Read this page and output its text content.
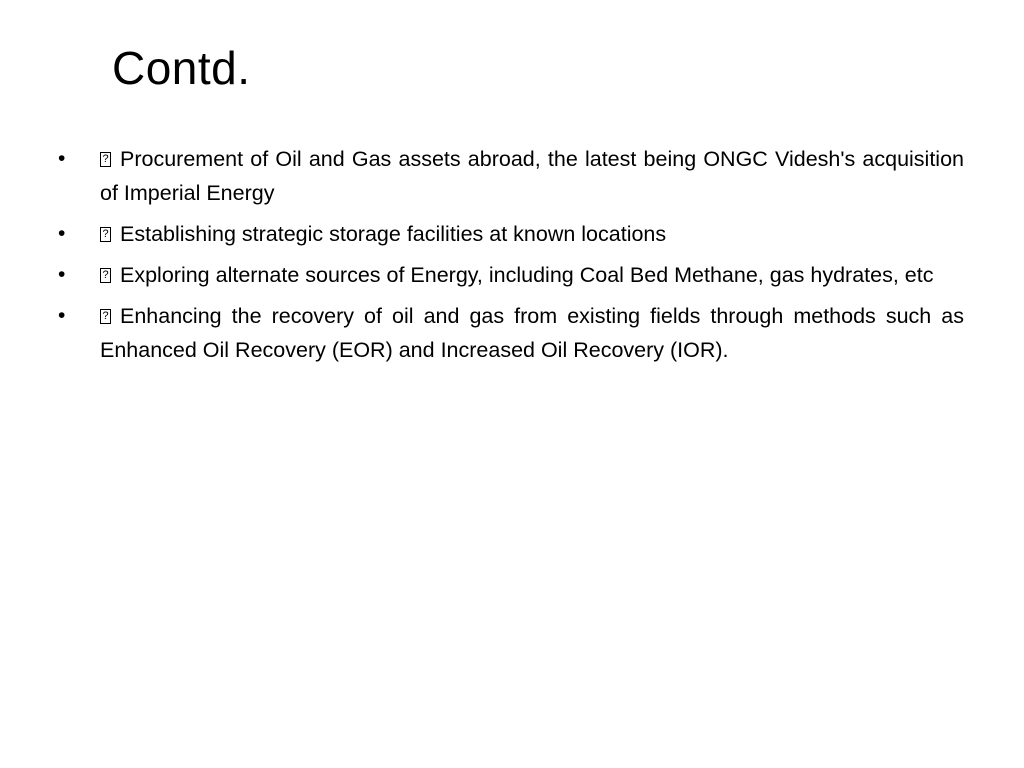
Contd.
• ?	Procurement of Oil and Gas assets abroad, the latest being ONGC Videsh's acquisition of Imperial Energy
• ?	Establishing strategic storage facilities at known locations
• ?	Exploring alternate sources of Energy, including Coal Bed Methane, gas hydrates, etc
• ?	Enhancing the recovery of oil and gas from existing fields through methods such as Enhanced Oil Recovery (EOR) and Increased Oil Recovery (IOR).
